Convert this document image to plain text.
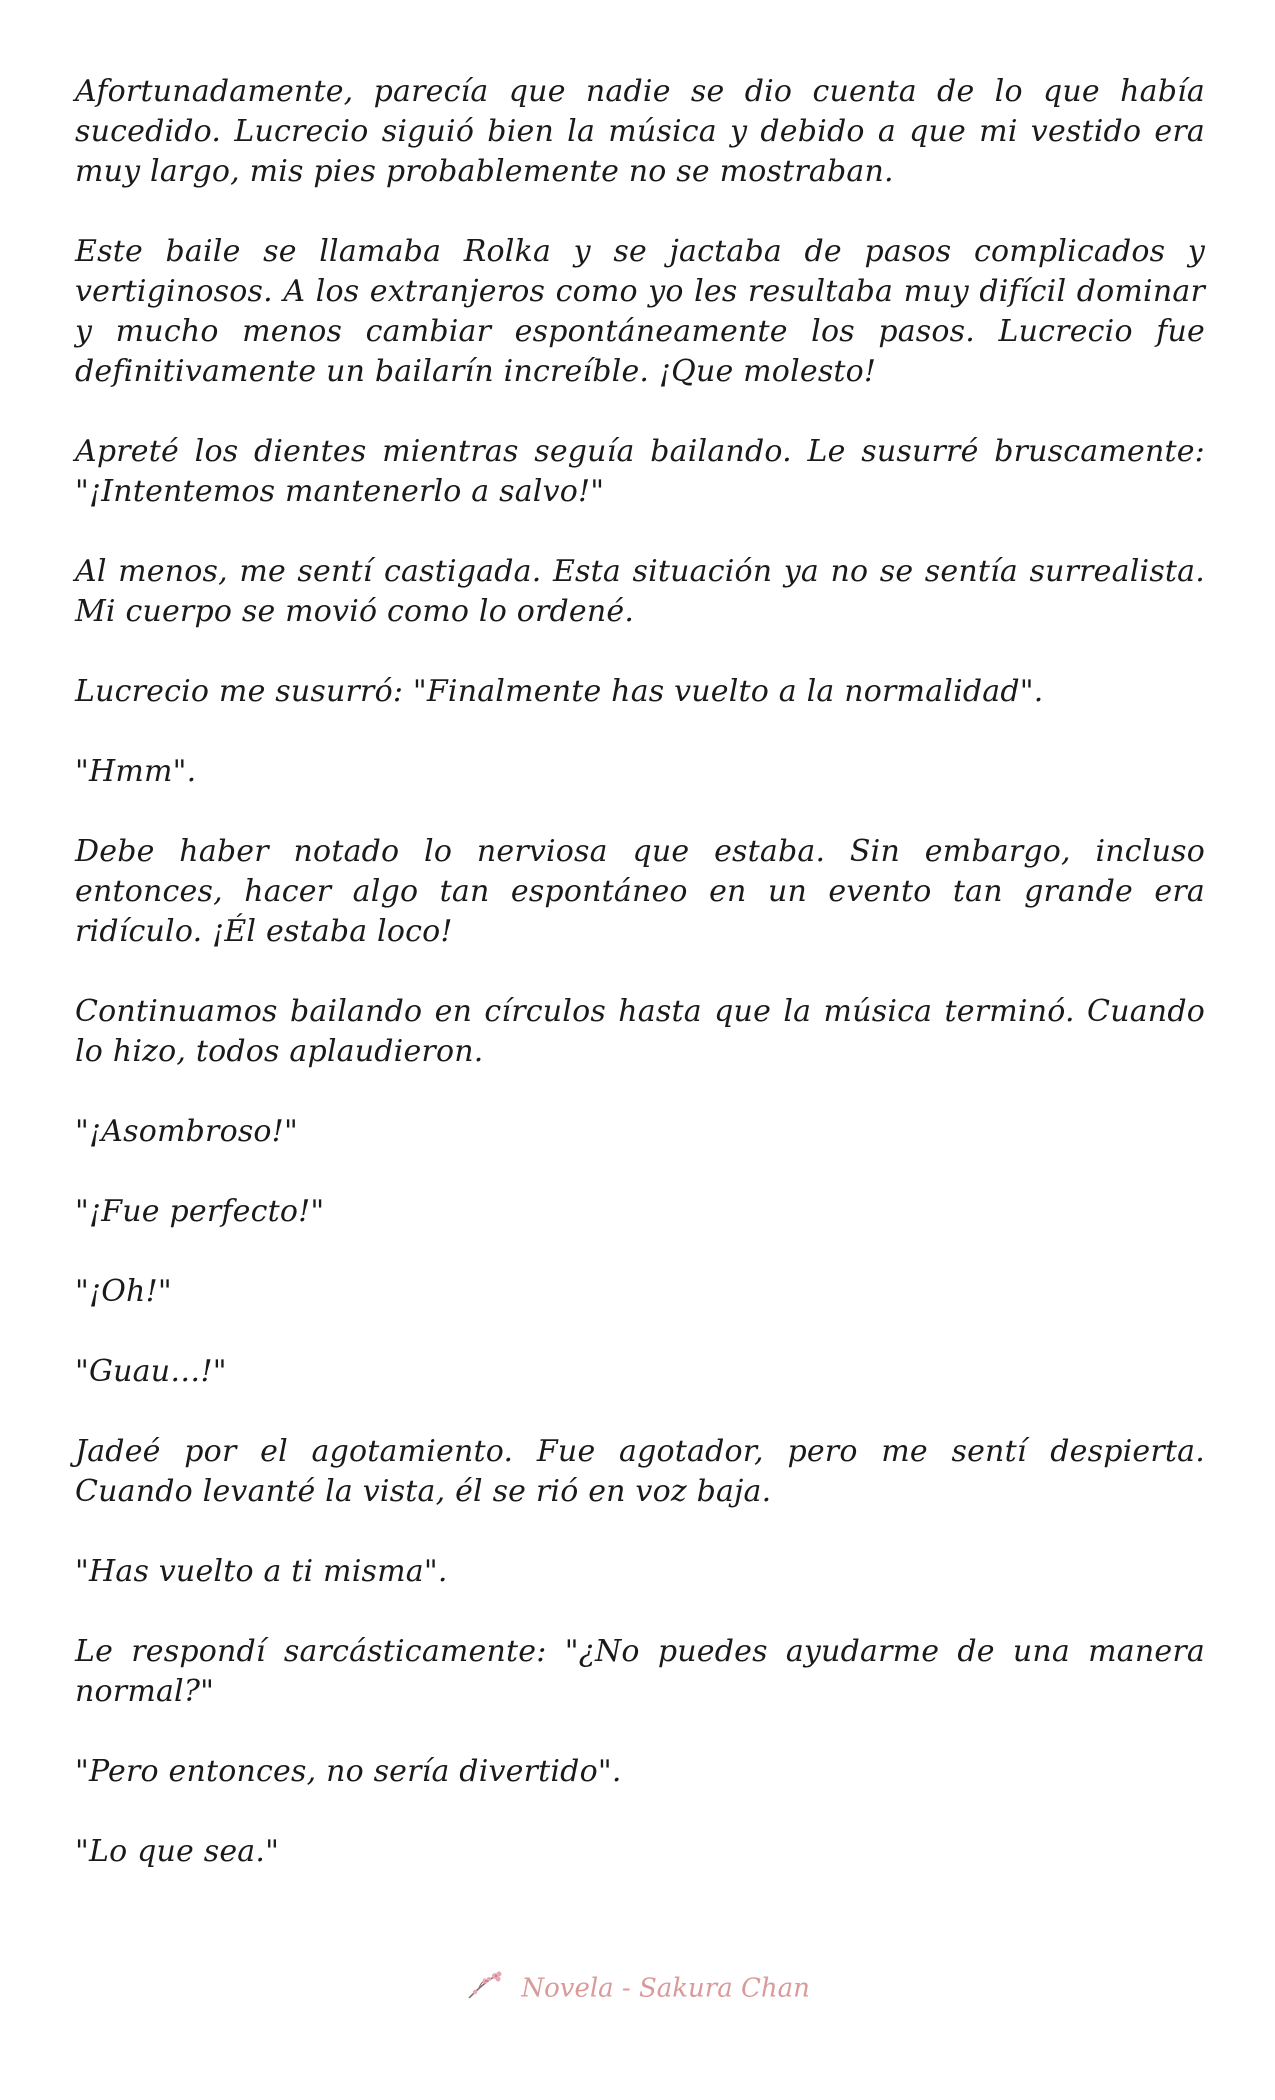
Afortunadamente, parecía que nadie se dio cuenta de lo que había sucedido. Lucrecio siguió bien la música y debido a que mi vestido era muy largo, mis pies probablemente no se mostraban.

Este baile se llamaba Rolka y se jactaba de pasos complicados y vertiginosos. A los extranjeros como yo les resultaba muy difícil dominar y mucho menos cambiar espontáneamente los pasos. Lucrecio fue definitivamente un bailarín increíble. ¡Que molesto!

Apreté los dientes mientras seguía bailando. Le susurré bruscamente: "¡Intentemos mantenerlo a salvo!"

Al menos, me sentí castigada. Esta situación ya no se sentía surrealista. Mi cuerpo se movió como lo ordené.

Lucrecio me susurró: "Finalmente has vuelto a la normalidad".

"Hmm".

Debe haber notado lo nerviosa que estaba. Sin embargo, incluso entonces, hacer algo tan espontáneo en un evento tan grande era ridículo. ¡Él estaba loco!

Continuamos bailando en círculos hasta que la música terminó. Cuando lo hizo, todos aplaudieron.

"¡Asombroso!"

"¡Fue perfecto!"

"¡Oh!"

"Guau…!"

Jadeé por el agotamiento. Fue agotador, pero me sentí despierta. Cuando levanté la vista, él se rió en voz baja.

"Has vuelto a ti misma".

Le respondí sarcásticamente: "¿No puedes ayudarme de una manera normal?"

"Pero entonces, no sería divertido".

"Lo que sea."

Novela - Sakura Chan
